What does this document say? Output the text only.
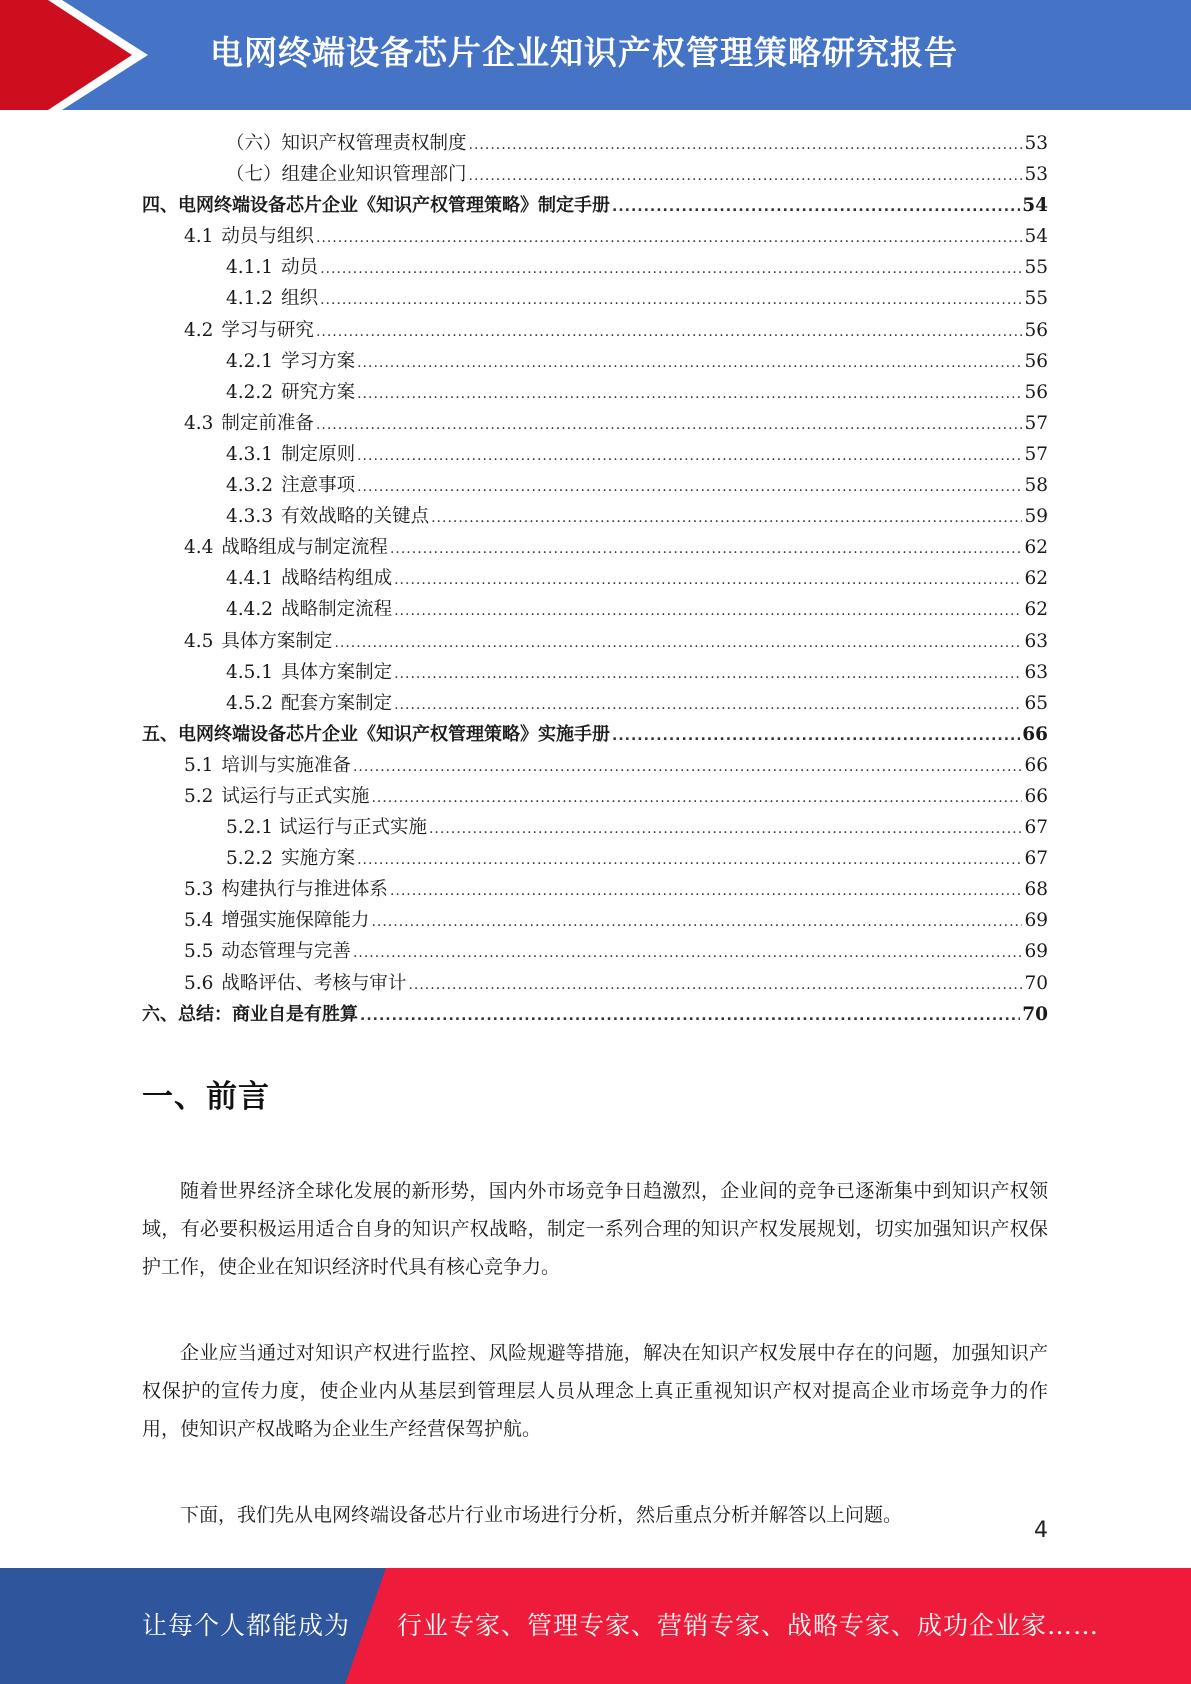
电网终端设备芯片企业知识产权管理策略研究报告
（六）知识产权管理责权制度 .....	53
（七）组建企业知识管理部门 .....	53
四、电网终端设备芯片企业《知识产权管理策略》制定手册 .....	54
4.1 动员与组织 .....	54
4.1.1 动员 .....	55
4.1.2 组织 .....	55
4.2 学习与研究 .....	56
4.2.1 学习方案 .....	56
4.2.2 研究方案 .....	56
4.3 制定前准备 .....	57
4.3.1 制定原则 .....	57
4.3.2 注意事项 .....	58
4.3.3 有效战略的关键点 .....	59
4.4 战略组成与制定流程 .....	62
4.4.1 战略结构组成 .....	62
4.4.2 战略制定流程 .....	62
4.5 具体方案制定 .....	63
4.5.1 具体方案制定 .....	63
4.5.2 配套方案制定 .....	65
五、电网终端设备芯片企业《知识产权管理策略》实施手册 .....	66
5.1 培训与实施准备 .....	66
5.2 试运行与正式实施 .....	66
5.2.1 试运行与正式实施 .....	67
5.2.2 实施方案 .....	67
5.3 构建执行与推进体系 .....	68
5.4 增强实施保障能力 .....	69
5.5 动态管理与完善 .....	69
5.6 战略评估、考核与审计 .....	70
六、总结：商业自是有胜算 .....	70
一、前言

随着世界经济全球化发展的新形势，国内外市场竞争日趋激烈，企业间的竞争已逐渐集中到知识产权领域，有必要积极运用适合自身的知识产权战略，制定一系列合理的知识产权发展规划，切实加强知识产权保护工作，使企业在知识经济时代具有核心竞争力。

企业应当通过对知识产权进行监控、风险规避等措施，解决在知识产权发展中存在的问题，加强知识产权保护的宣传力度，使企业内从基层到管理层人员从理念上真正重视知识产权对提高企业市场竞争力的作用，使知识产权战略为企业生产经营保驾护航。

下面，我们先从电网终端设备芯片行业市场进行分析，然后重点分析并解答以上问题。

4
让每个人都能成为 行业专家、管理专家、营销专家、战略专家、成功企业家……
